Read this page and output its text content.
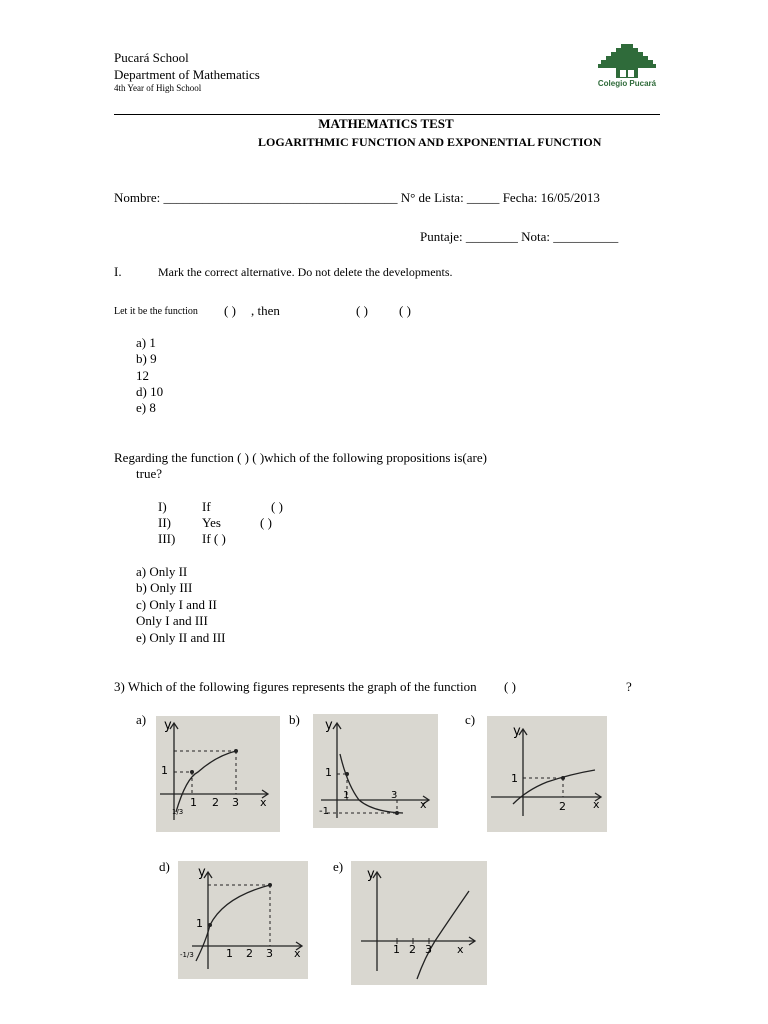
Pucará School
Department of Mathematics
4th Year of High School	Colegio Pucará
MATHEMATICS TEST
LOGARITHMIC FUNCTION AND EXPONENTIAL FUNCTION
Nombre: ____________________________________ N° de Lista: _____ Fecha: 16/05/2013
Puntaje: ________ Nota: __________
I.	Mark the correct alternative. Do not delete the developments.
Let it be the function ( ) , then	( ) ( )
a) 1
b) 9
12
d) 10
e) 8
Regarding the function ( ) ( )which of the following propositions is(are)
true?
I)	If	( )
II) Yes	( )
III) If ( )
a) Only II
b) Only III
c) Only I and II
Only I and III
e) Only II and III
3) Which of the following figures represents the graph of the function ( )	?
a)	b)	c)
d)	e)
y
1
1 2 3 x
1/3
y
1
-1
1	3
x
y
1
2 x
y
1
1 2 3 x
-1/3
y
1 2 3 x
